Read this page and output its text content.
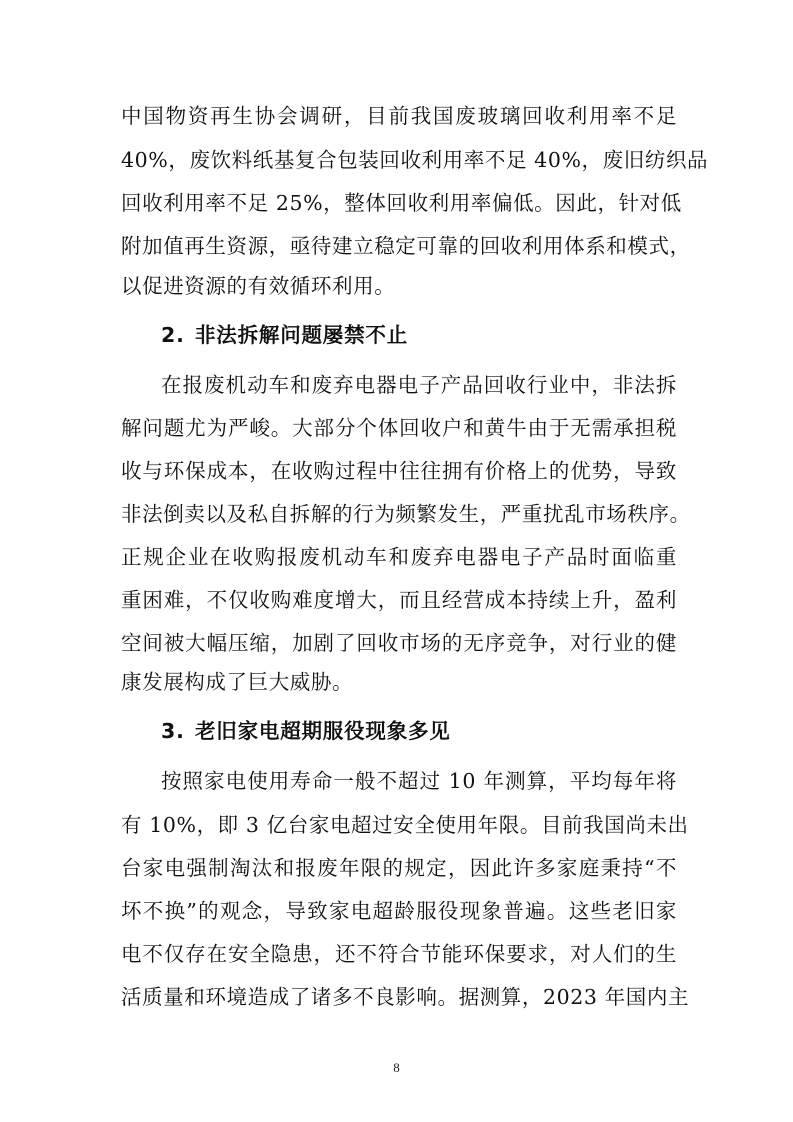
中国物资再生协会调研，目前我国废玻璃回收利用率不足
40%，废饮料纸基复合包装回收利用率不足 40%，废旧纺织品
回收利用率不足 25%，整体回收利用率偏低。因此，针对低
附加值再生资源，亟待建立稳定可靠的回收利用体系和模式，
以促进资源的有效循环利用。
2. 非法拆解问题屡禁不止
在报废机动车和废弃电器电子产品回收行业中，非法拆
解问题尤为严峻。大部分个体回收户和黄牛由于无需承担税
收与环保成本，在收购过程中往往拥有价格上的优势，导致
非法倒卖以及私自拆解的行为频繁发生，严重扰乱市场秩序。
正规企业在收购报废机动车和废弃电器电子产品时面临重
重困难，不仅收购难度增大，而且经营成本持续上升，盈利
空间被大幅压缩，加剧了回收市场的无序竞争，对行业的健
康发展构成了巨大威胁。
3. 老旧家电超期服役现象多见
按照家电使用寿命一般不超过 10 年测算，平均每年将
有 10%，即 3 亿台家电超过安全使用年限。目前我国尚未出
台家电强制淘汰和报废年限的规定，因此许多家庭秉持“不
坏不换”的观念，导致家电超龄服役现象普遍。这些老旧家
电不仅存在安全隐患，还不符合节能环保要求，对人们的生
活质量和环境造成了诸多不良影响。据测算，2023 年国内主
8
